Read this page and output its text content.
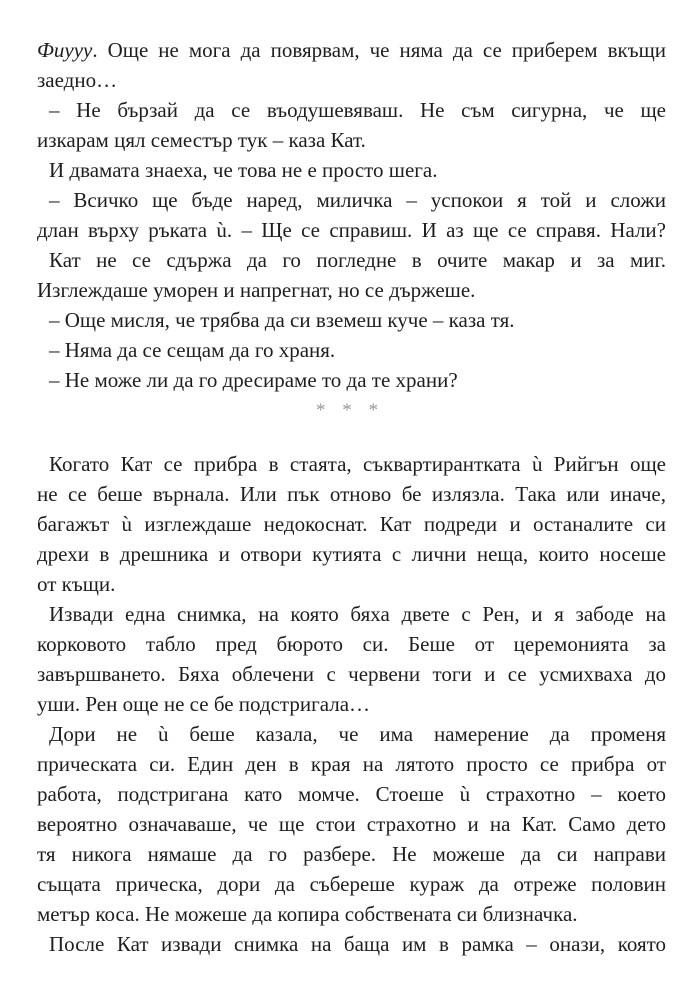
Фиууу. Още не мога да повярвам, че няма да се приберем вкъщи
заедно…
– Не бързай да се въодушевяваш. Не съм сигурна, че ще
изкарам цял семестър тук – каза Кат.
И двамата знаеха, че това не е просто шега.
– Всичко ще бъде наред, миличка – успокои я той и сложи
длан върху ръката ù. – Ще се справиш. И аз ще се справя. Нали?
Кат не се сдържа да го погледне в очите макар и за миг.
Изглеждаше уморен и напрегнат, но се държеше.
– Още мисля, че трябва да си вземеш куче – каза тя.
– Няма да се сещам да го храня.
– Не може ли да го дресираме то да те храни?
* * *
Когато Кат се прибра в стаята, съквартирантката ù Рийгън още
не се беше върнала. Или пък отново бе излязла. Така или иначе,
багажът ù изглеждаше недокоснат. Кат подреди и останалите си
дрехи в дрешника и отвори кутията с лични неща, които носеше
от къщи.
Извади една снимка, на която бяха двете с Рен, и я забоде на
корковото табло пред бюрото си. Беше от церемонията за
завършването. Бяха облечени с червени тоги и се усмихваха до
уши. Рен още не се бе подстригала…
Дори не ù беше казала, че има намерение да променя
прическата си. Един ден в края на лятото просто се прибра от
работа, подстригана като момче. Стоеше ù страхотно – което
вероятно означаваше, че ще стои страхотно и на Кат. Само дето
тя никога нямаше да го разбере. Не можеше да си направи
същата прическа, дори да събереше кураж да отреже половин
метър коса. Не можеше да копира собствената си близначка.
После Кат извади снимка на баща им в рамка – онази, която
